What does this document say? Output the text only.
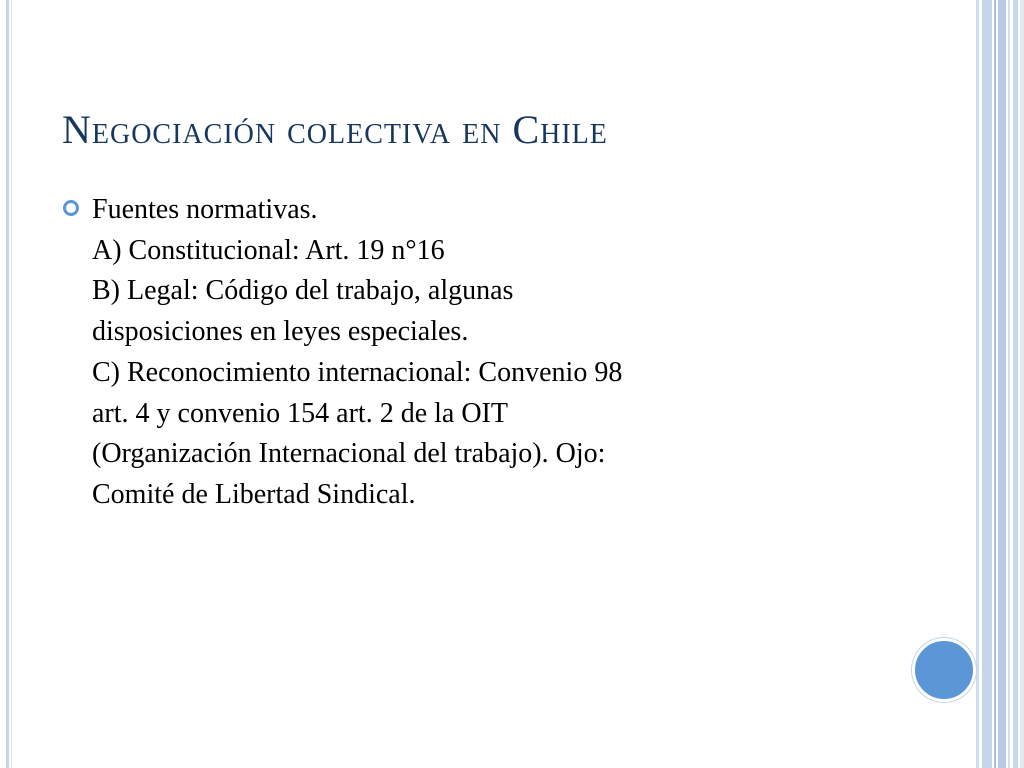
Negociación colectiva en Chile
Fuentes normativas.
A) Constitucional: Art. 19 n°16
B) Legal: Código del trabajo, algunas
disposiciones en leyes especiales.
C) Reconocimiento internacional: Convenio 98
art. 4 y convenio 154 art. 2 de la OIT
(Organización Internacional del trabajo). Ojo:
Comité de Libertad Sindical.
